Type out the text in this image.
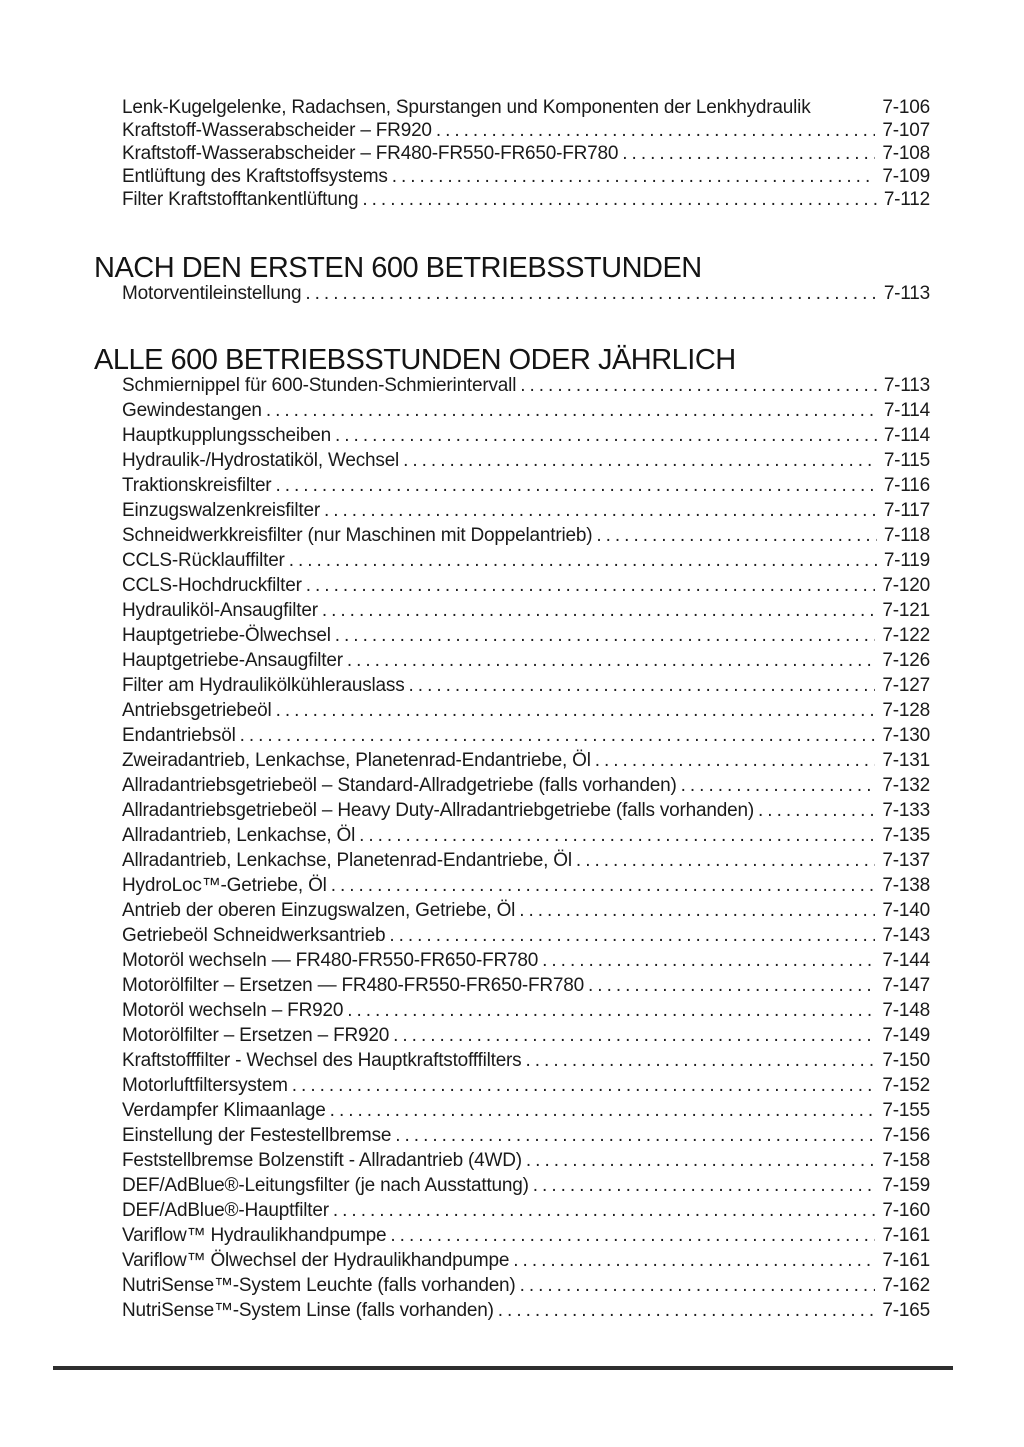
Lenk-Kugelgelenke, Radachsen, Spurstangen und Komponenten der Lenkhydraulik	7-106
Kraftstoff-Wasserabscheider – FR920 .....	7-107
Kraftstoff-Wasserabscheider – FR480-FR550-FR650-FR780 .....	7-108
Entlüftung des Kraftstoffsystems .....	7-109
Filter Kraftstofftankentlüftung .....	7-112
NACH DEN ERSTEN 600 BETRIEBSSTUNDEN
Motorventileinstellung .....	7-113
ALLE 600 BETRIEBSSTUNDEN ODER JÄHRLICH
Schmiernippel für 600-Stunden-Schmierintervall .....	7-113
Gewindestangen .....	7-114
Hauptkupplungsscheiben .....	7-114
Hydraulik-/Hydrostatiköl, Wechsel .....	7-115
Traktionskreisfilter .....	7-116
Einzugswalzenkreisfilter .....	7-117
Schneidwerkkreisfilter (nur Maschinen mit Doppelantrieb) .....	7-118
CCLS-Rücklauffilter .....	7-119
CCLS-Hochdruckfilter .....	7-120
Hydrauliköl-Ansaugfilter .....	7-121
Hauptgetriebe-Ölwechsel .....	7-122
Hauptgetriebe-Ansaugfilter .....	7-126
Filter am Hydraulikölkühlerauslass .....	7-127
Antriebsgetriebeöl .....	7-128
Endantriebsöl .....	7-130
Zweiradantrieb, Lenkachse, Planetenrad-Endantriebe, Öl .....	7-131
Allradantriebsgetriebeöl – Standard-Allradgetriebe (falls vorhanden) .....	7-132
Allradantriebsgetriebeöl – Heavy Duty-Allradantriebgetriebe (falls vorhanden) .....	7-133
Allradantrieb, Lenkachse, Öl .....	7-135
Allradantrieb, Lenkachse, Planetenrad-Endantriebe, Öl .....	7-137
HydroLoc™-Getriebe, Öl .....	7-138
Antrieb der oberen Einzugswalzen, Getriebe, Öl .....	7-140
Getriebeöl Schneidwerksantrieb .....	7-143
Motoröl wechseln — FR480-FR550-FR650-FR780 .....	7-144
Motorölfilter – Ersetzen — FR480-FR550-FR650-FR780 .....	7-147
Motoröl wechseln – FR920 .....	7-148
Motorölfilter – Ersetzen – FR920 .....	7-149
Kraftstofffilter - Wechsel des Hauptkraftstofffilters .....	7-150
Motorluftfiltersystem .....	7-152
Verdampfer Klimaanlage .....	7-155
Einstellung der Festestellbremse .....	7-156
Feststellbremse Bolzenstift - Allradantrieb (4WD) .....	7-158
DEF/AdBlue®-Leitungsfilter (je nach Ausstattung) .....	7-159
DEF/AdBlue®-Hauptfilter .....	7-160
Variflow™ Hydraulikhandpumpe .....	7-161
Variflow™ Ölwechsel der Hydraulikhandpumpe .....	7-161
NutriSense™-System Leuchte (falls vorhanden) .....	7-162
NutriSense™-System Linse (falls vorhanden) .....	7-165
